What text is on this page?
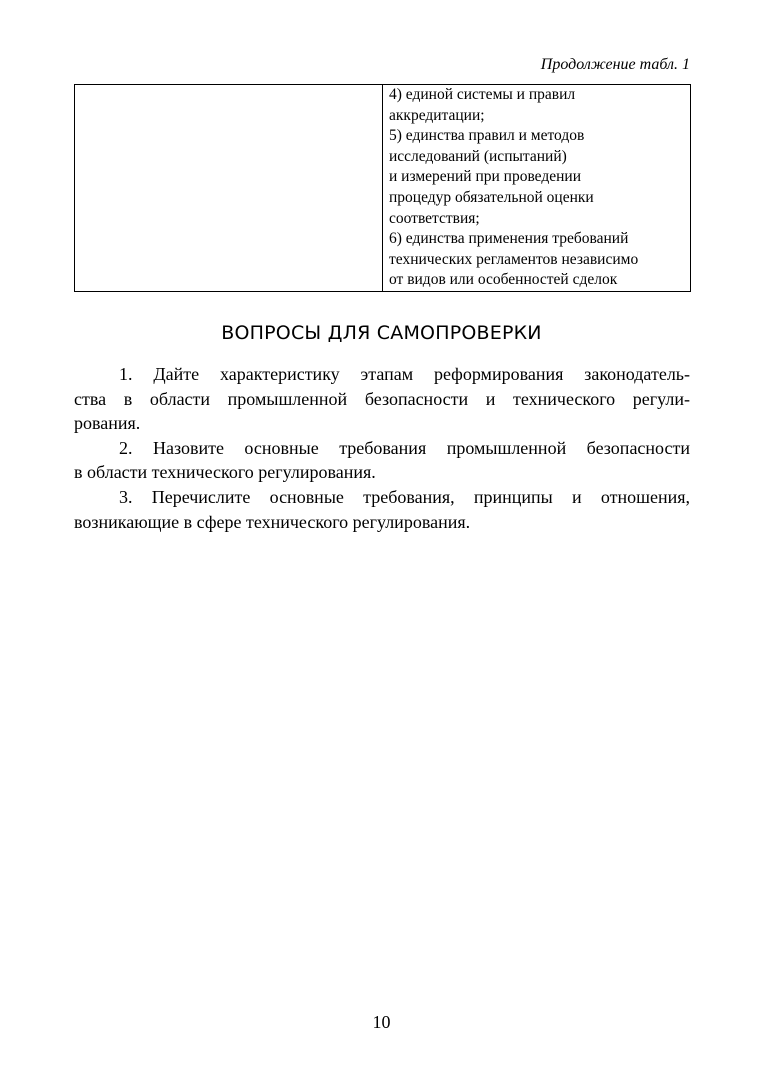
Продолжение табл. 1

4) единой системы и правил
аккредитации;
5) единства правил и методов
исследований (испытаний)
и измерений при проведении
процедур обязательной оценки
соответствия;
6) единства применения требований
технических регламентов независимо
от видов или особенностей сделок
ВОПРОСЫ ДЛЯ САМОПРОВЕРКИ
1. Дайте характеристику этапам реформирования законодатель-
ства в области промышленной безопасности и технического регули-
рования.
2. Назовите основные требования промышленной безопасности
в области технического регулирования.
3. Перечислите основные требования, принципы и отношения,
возникающие в сфере технического регулирования.
10
